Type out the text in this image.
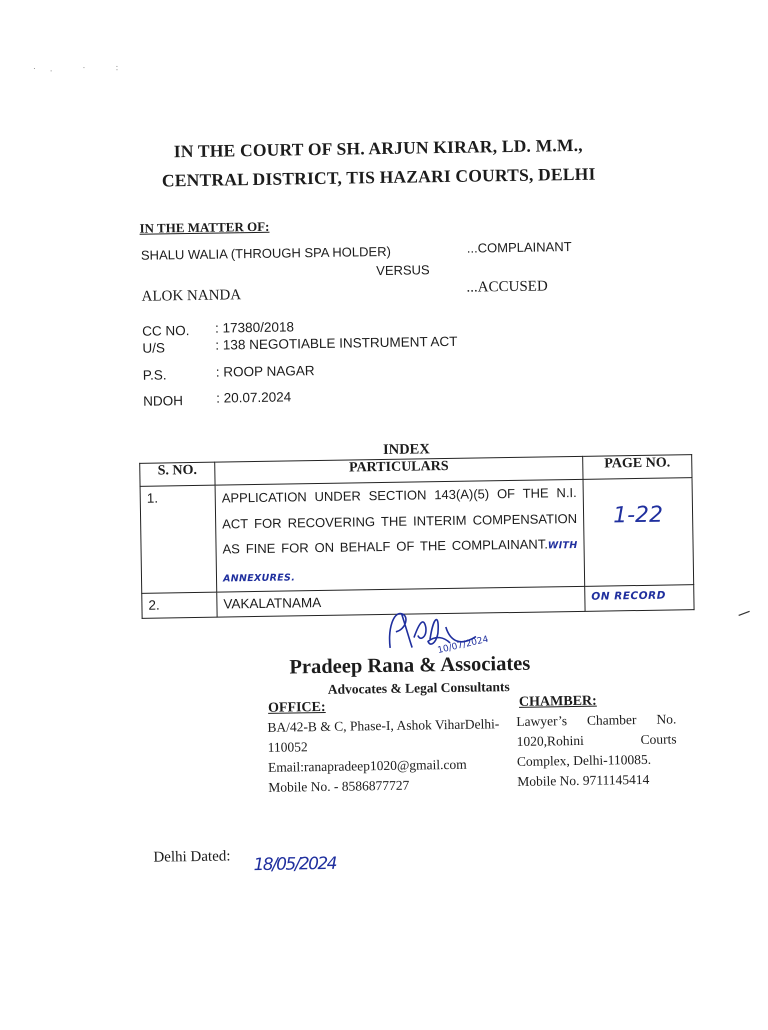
·. · :
IN THE COURT OF SH. ARJUN KIRAR, LD. M.M.,
CENTRAL DISTRICT, TIS HAZARI COURTS, DELHI
IN THE MATTER OF:
SHALU WALIA (THROUGH SPA HOLDER)	...COMPLAINANT
VERSUS
ALOK NANDA
...ACCUSED
CC NO. : 17380/2018
U/S	: 138 NEGOTIABLE INSTRUMENT ACT
P.S.	: ROOP NAGAR
NDOH : 20.07.2024
INDEX
S. NO.	PARTICULARS	PAGE NO.
1.	APPLICATION UNDER SECTION 143(A)(5) OF THE N.I. ACT FOR RECOVERING THE INTERIM COMPENSATION AS FINE FOR ON BEHALF OF THE COMPLAINANT.WITH ANNEXURES.	1-22

2.	VAKALATNAMA	ON RECORD
10/07/2024
Pradeep Rana & Associates
Advocates & Legal Consultants
OFFICE:	CHAMBER:
BA/42-B & C, Phase-I, Ashok ViharDelhi-110052
Email:ranapradeep1020@gmail.com
Mobile No. - 8586877727
Lawyer’s Chamber No. 1020,Rohini Courts Complex, Delhi-110085.
Mobile No. 9711145414
Delhi Dated: 18/05/2024
